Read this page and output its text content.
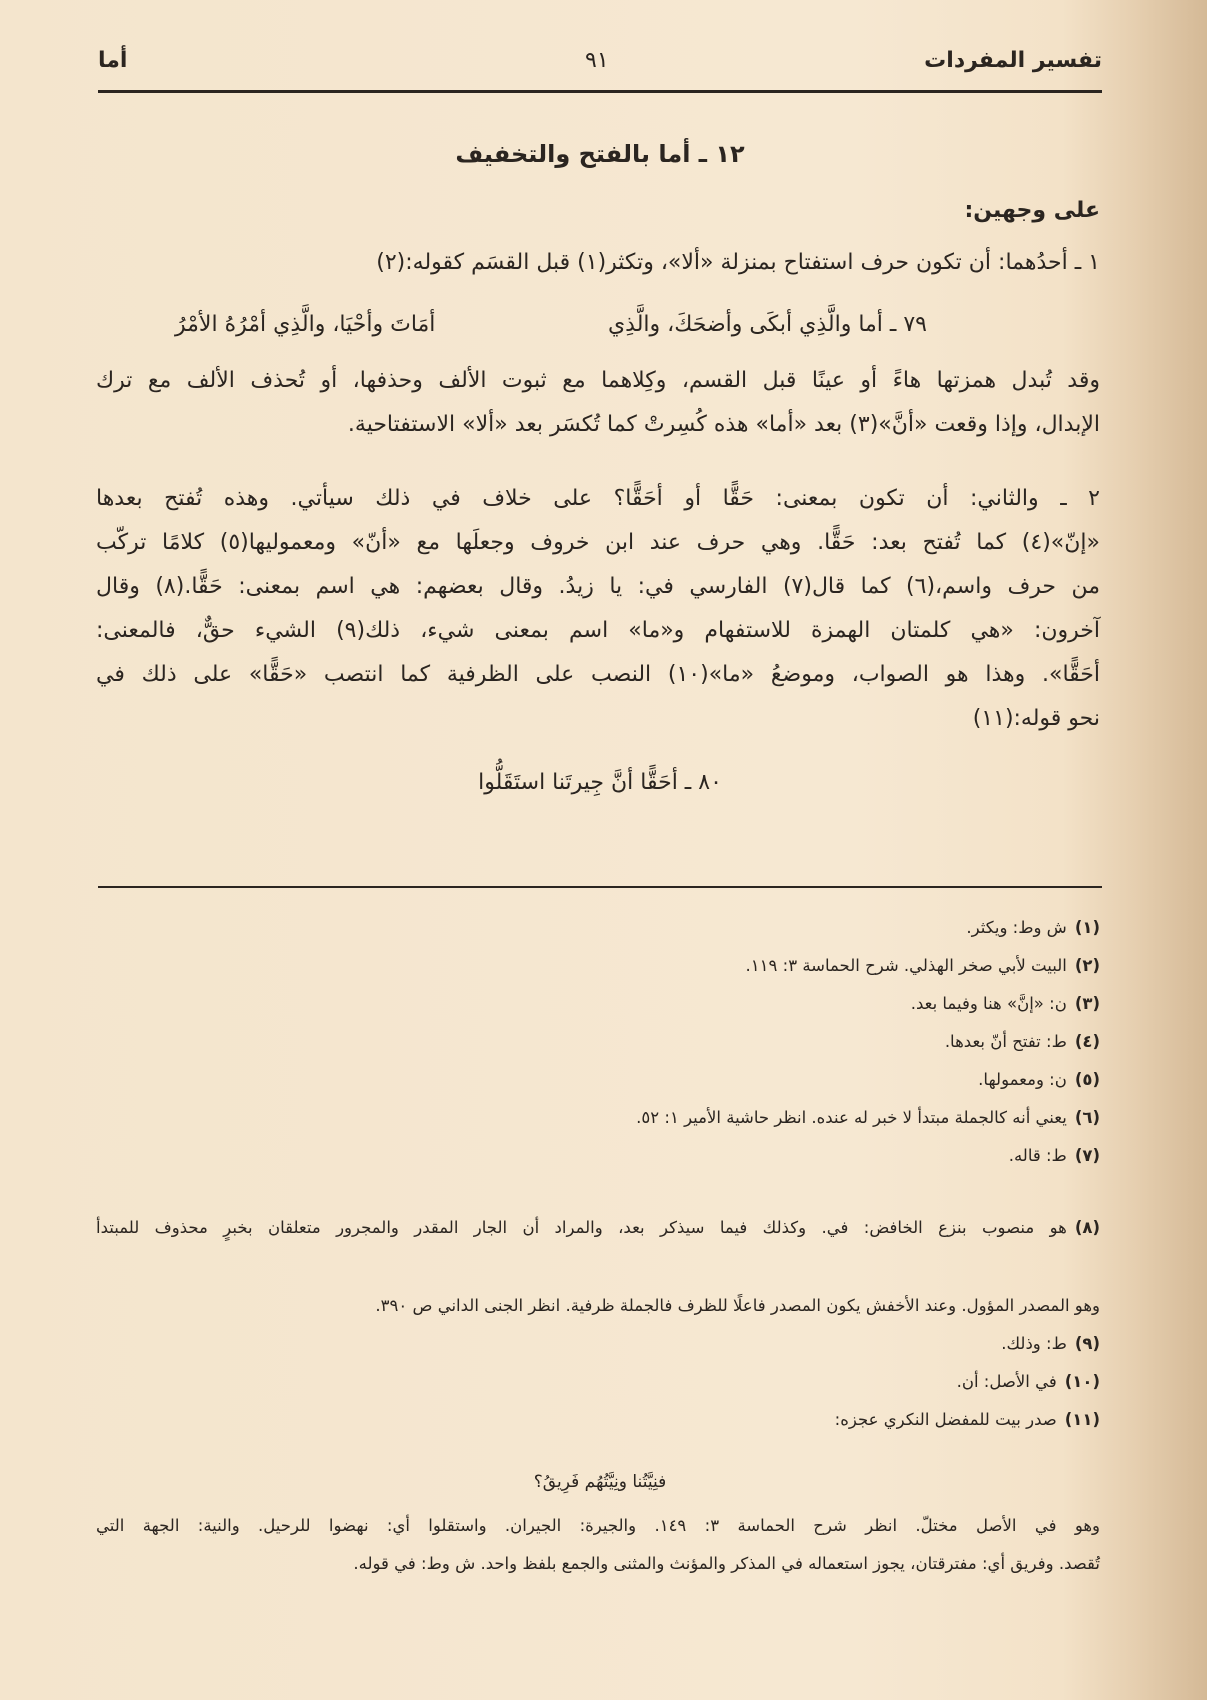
تفسير المفردات
٩١
أما
١٢ ـ أما بالفتح والتخفيف
على وجهين:
١ ـ أحدُهما: أن تكون حرف استفتاح بمنزلة «ألا»، وتكثر(١) قبل القسَم كقوله:(٢)
٧٩ ـ أما والَّذِي أبكَى وأضحَكَ، والَّذِي
أمَاتَ وأحْيَا، والَّذِي أمْرُهُ الأمْرُ
وقد تُبدل همزتها هاءً أو عينًا قبل القسم، وكِلاهما مع ثبوت الألف وحذفها، أو تُحذف الألف مع ترك
الإبدال، وإذا وقعت «أنَّ»(٣) بعد «أما» هذه كُسِرتْ كما تُكسَر بعد «ألا» الاستفتاحية.
٢ ـ والثاني: أن تكون بمعنى: حَقًّا أو أحَقًّا؟ على خلاف في ذلك سيأتي. وهذه تُفتح بعدها
«إنّ»(٤) كما تُفتح بعد: حَقًّا. وهي حرف عند ابن خروف وجعلَها مع «أنّ» ومعموليها(٥) كلامًا تركّب
من حرف واسم،(٦) كما قال(٧) الفارسي في: يا زيدُ. وقال بعضهم: هي اسم بمعنى: حَقًّا.(٨) وقال
آخرون: «هي كلمتان الهمزة للاستفهام و«ما» اسم بمعنى شيء، ذلك(٩) الشيء حقٌّ، فالمعنى:
أحَقًّا». وهذا هو الصواب، وموضعُ «ما»(١٠) النصب على الظرفية كما انتصب «حَقًّا» على ذلك في
نحو قوله:(١١)
٨٠ ـ أحَقًّا أنَّ جِيرتَنا استَقَلُّوا
(١)ش وط: ويكثر.
(٢)البيت لأبي صخر الهذلي. شرح الحماسة ٣: ١١٩.
(٣)ن: «إنَّ» هنا وفيما بعد.
(٤)ط: تفتح أنّ بعدها.
(٥)ن: ومعمولها.
(٦)يعني أنه كالجملة مبتدأ لا خبر له عنده. انظر حاشية الأمير ١: ٥٢.
(٧)ط: قاله.
(٨)هو منصوب بنزع الخافض: في. وكذلك فيما سيذكر بعد، والمراد أن الجار المقدر والمجرور متعلقان بخبرٍ محذوف للمبتدأ
(٩)ط: وذلك.
(١٠)في الأصل: أن.
(١١)صدر بيت للمفضل النكري عجزه:
وهو المصدر المؤول. وعند الأخفش يكون المصدر فاعلًا للظرف فالجملة ظرفية. انظر الجنى الداني ص ٣٩٠.
فنِيَّتُنا ونِيَّتُهُم فَرِيقُ؟
وهو في الأصل مختلّ. انظر شرح الحماسة ٣: ١٤٩. والجيرة: الجيران. واستقلوا أي: نهضوا للرحيل. والنية: الجهة التي
تُقصد. وفريق أي: مفترقتان، يجوز استعماله في المذكر والمؤنث والمثنى والجمع بلفظ واحد. ش وط: في قوله.
